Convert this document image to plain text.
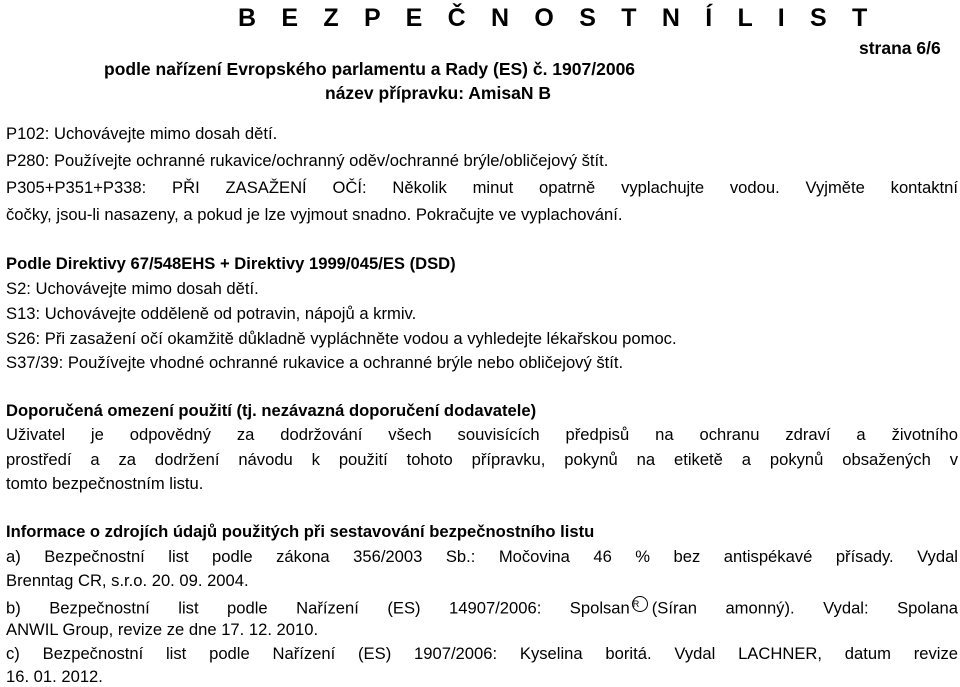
B E Z P E Č N O S T N Í L I S T
podle nařízení Evropského parlamentu a Rady (ES) č. 1907/2006
název přípravku: AmisaN B
strana 6/6
P102: Uchovávejte mimo dosah dětí.
P280: Používejte ochranné rukavice/ochranný oděv/ochranné brýle/obličejový štít.
P305+P351+P338: PŘI ZASAŽENÍ OČÍ: Několik minut opatrně vyplachujte vodou. Vyjměte kontaktní
čočky, jsou-li nasazeny, a pokud je lze vyjmout snadno. Pokračujte ve vyplachování.
Podle Direktivy 67/548EHS + Direktivy 1999/045/ES (DSD)
S2: Uchovávejte mimo dosah dětí.
S13: Uchovávejte odděleně od potravin, nápojů a krmiv.
S26: Při zasažení očí okamžitě důkladně vypláchněte vodou a vyhledejte lékařskou pomoc.
S37/39: Používejte vhodné ochranné rukavice a ochranné brýle nebo obličejový štít.
Doporučená omezení použití (tj. nezávazná doporučení dodavatele)
Uživatel je odpovědný za dodržování všech souvisících předpisů na ochranu zdraví a životního
prostředí a za dodržení návodu k použití tohoto přípravku, pokynů na etiketě a pokynů obsažených v
tomto bezpečnostním listu.
Informace o zdrojích údajů použitých při sestavování bezpečnostního listu
a) Bezpečnostní list podle zákona 356/2003 Sb.: Močovina 46 % bez antispékavé přísady. Vydal
Brenntag CR, s.r.o. 20. 09. 2004.
b) Bezpečnostní list podle Nařízení (ES) 14907/2006: Spolsan R (Síran amonný). Vydal: Spolana
ANWIL Group, revize ze dne 17. 12. 2010.
c) Bezpečnostní list podle Nařízení (ES) 1907/2006: Kyselina boritá. Vydal LACHNER, datum revize
16. 01. 2012.
